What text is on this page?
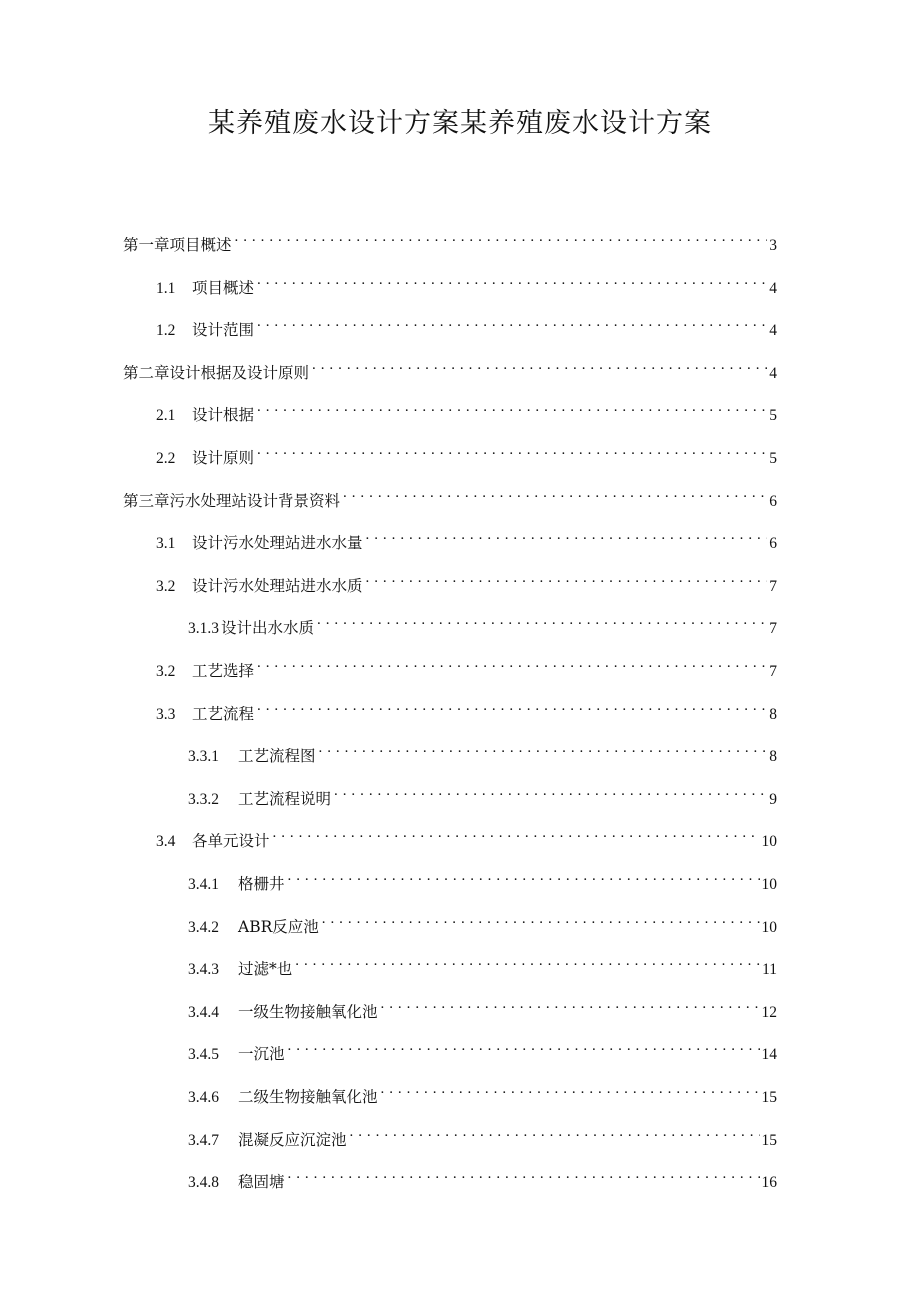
某养殖废水设计方案某养殖废水设计方案
第一章项目概述 . . .	3
1.1	项目概述 . . .	4
1.2	设计范围 . . .	4
第二章设计根据及设计原则 . . .	4
2.1	设计根据 . . .	5
2.2	设计原则 . . .	5
第三章污水处理站设计背景资料 . . .	6
3.1	设计污水处理站进水水量 . . .	6
3.2	设计污水处理站进水水质 . . .	7
3.1.3 设计出水水质 . . .	7
3.2	工艺选择 . . .	7
3.3	工艺流程 . . .	8
3.3.1	工艺流程图 . . .	8
3.3.2	工艺流程说明 . . .	9
3.4	各单元设计 . . .	10
3.4.1	格栅井 . . .	10
3.4.2	ABR反应池 . . .	10
3.4.3	过滤*也 . . .	11
3.4.4	一级生物接触氧化池 . . .	12
3.4.5	一沉池 . . .	14
3.4.6	二级生物接触氧化池 . . .	15
3.4.7	混凝反应沉淀池 . . .	15
3.4.8	稳固塘 . . .	16
